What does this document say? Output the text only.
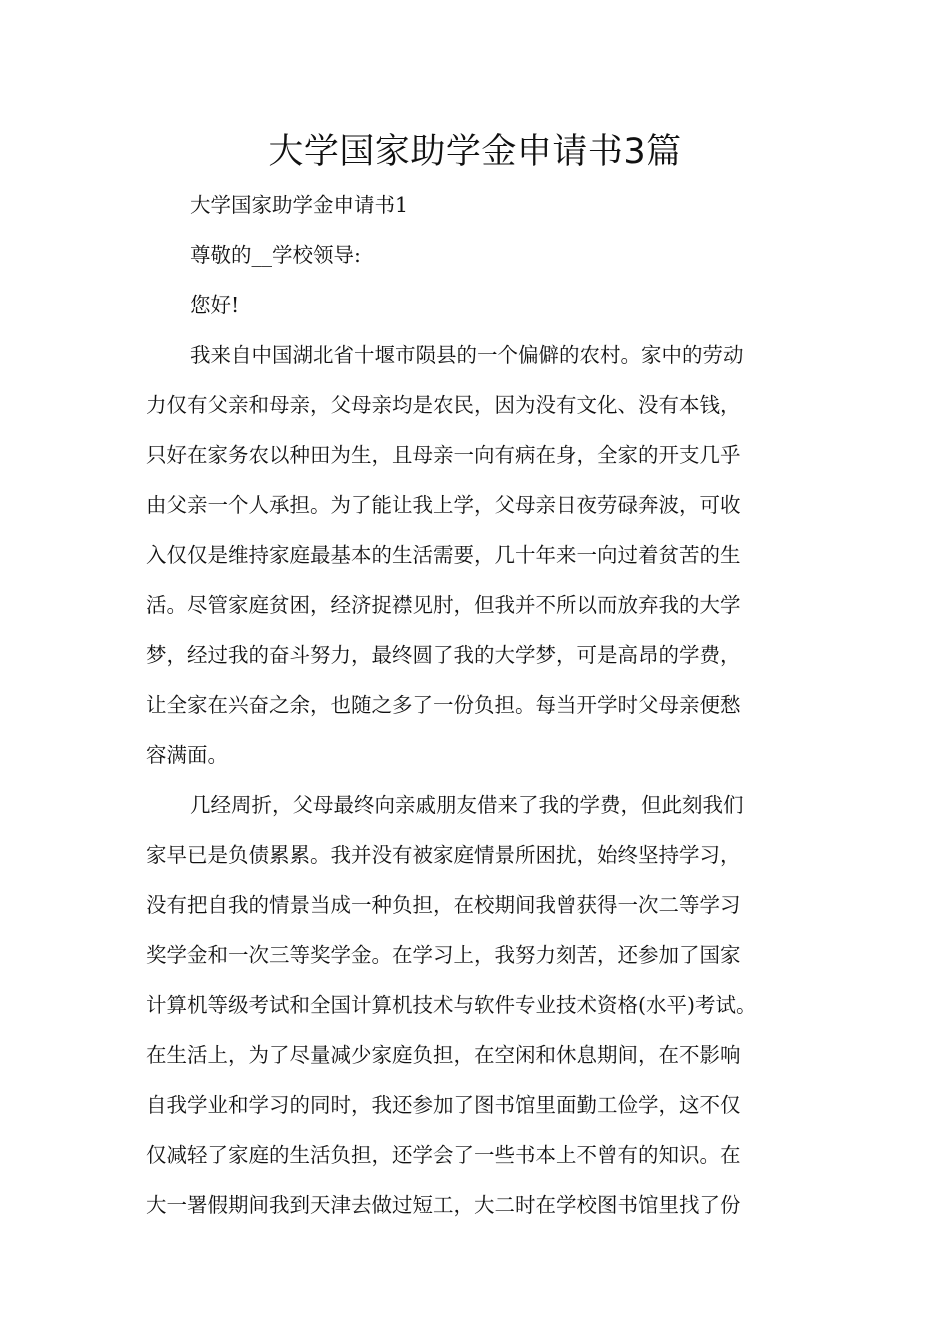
大学国家助学金申请书3篇
大学国家助学金申请书1
尊敬的__学校领导:
您好!
我来自中国湖北省十堰市陨县的一个偏僻的农村。家中的劳动
力仅有父亲和母亲，父母亲均是农民，因为没有文化、没有本钱，
只好在家务农以种田为生，且母亲一向有病在身，全家的开支几乎
由父亲一个人承担。为了能让我上学，父母亲日夜劳碌奔波，可收
入仅仅是维持家庭最基本的生活需要，几十年来一向过着贫苦的生
活。尽管家庭贫困，经济捉襟见肘，但我并不所以而放弃我的大学
梦，经过我的奋斗努力，最终圆了我的大学梦，可是高昂的学费，
让全家在兴奋之余，也随之多了一份负担。每当开学时父母亲便愁
容满面。
几经周折，父母最终向亲戚朋友借来了我的学费，但此刻我们
家早已是负债累累。我并没有被家庭情景所困扰，始终坚持学习，
没有把自我的情景当成一种负担，在校期间我曾获得一次二等学习
奖学金和一次三等奖学金。在学习上，我努力刻苦，还参加了国家
计算机等级考试和全国计算机技术与软件专业技术资格(水平)考试。
在生活上，为了尽量减少家庭负担，在空闲和休息期间，在不影响
自我学业和学习的同时，我还参加了图书馆里面勤工俭学，这不仅
仅减轻了家庭的生活负担，还学会了一些书本上不曾有的知识。在
大一署假期间我到天津去做过短工，大二时在学校图书馆里找了份
